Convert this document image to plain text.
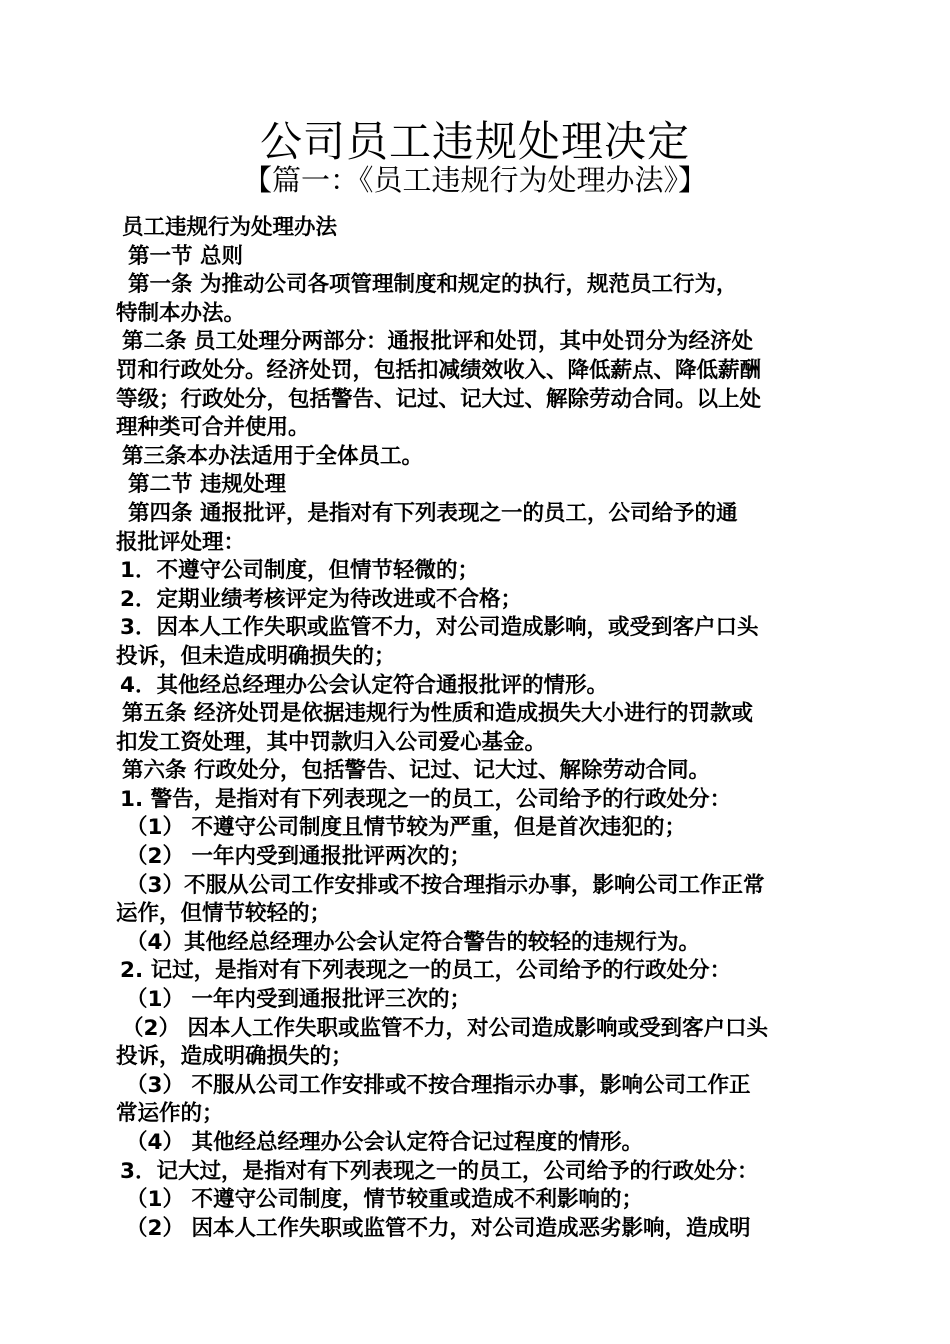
公司员工违规处理决定
【篇一：《员工违规行为处理办法》】
员工违规行为处理办法
第一节 总则
第一条 为推动公司各项管理制度和规定的执行，规范员工行为，
特制本办法。
第二条 员工处理分两部分：通报批评和处罚，其中处罚分为经济处
罚和行政处分。经济处罚，包括扣减绩效收入、降低薪点、降低薪酬
等级；行政处分，包括警告、记过、记大过、解除劳动合同。以上处
理种类可合并使用。
第三条本办法适用于全体员工。
第二节 违规处理
第四条 通报批评，是指对有下列表现之一的员工，公司给予的通
报批评处理：
1．不遵守公司制度，但情节轻微的；
2．定期业绩考核评定为待改进或不合格；
3．因本人工作失职或监管不力，对公司造成影响，或受到客户口头
投诉，但未造成明确损失的；
4．其他经总经理办公会认定符合通报批评的情形。
第五条 经济处罚是依据违规行为性质和造成损失大小进行的罚款或
扣发工资处理，其中罚款归入公司爱心基金。
第六条 行政处分，包括警告、记过、记大过、解除劳动合同。
1. 警告，是指对有下列表现之一的员工，公司给予的行政处分：
（1） 不遵守公司制度且情节较为严重，但是首次违犯的；
（2） 一年内受到通报批评两次的；
（3）不服从公司工作安排或不按合理指示办事，影响公司工作正常
运作，但情节较轻的；
（4）其他经总经理办公会认定符合警告的较轻的违规行为。
2. 记过，是指对有下列表现之一的员工，公司给予的行政处分：
（1） 一年内受到通报批评三次的；
（2） 因本人工作失职或监管不力，对公司造成影响或受到客户口头
投诉，造成明确损失的；
（3） 不服从公司工作安排或不按合理指示办事，影响公司工作正
常运作的；
（4） 其他经总经理办公会认定符合记过程度的情形。
3．记大过，是指对有下列表现之一的员工，公司给予的行政处分：
（1） 不遵守公司制度，情节较重或造成不利影响的；
（2） 因本人工作失职或监管不力，对公司造成恶劣影响，造成明
